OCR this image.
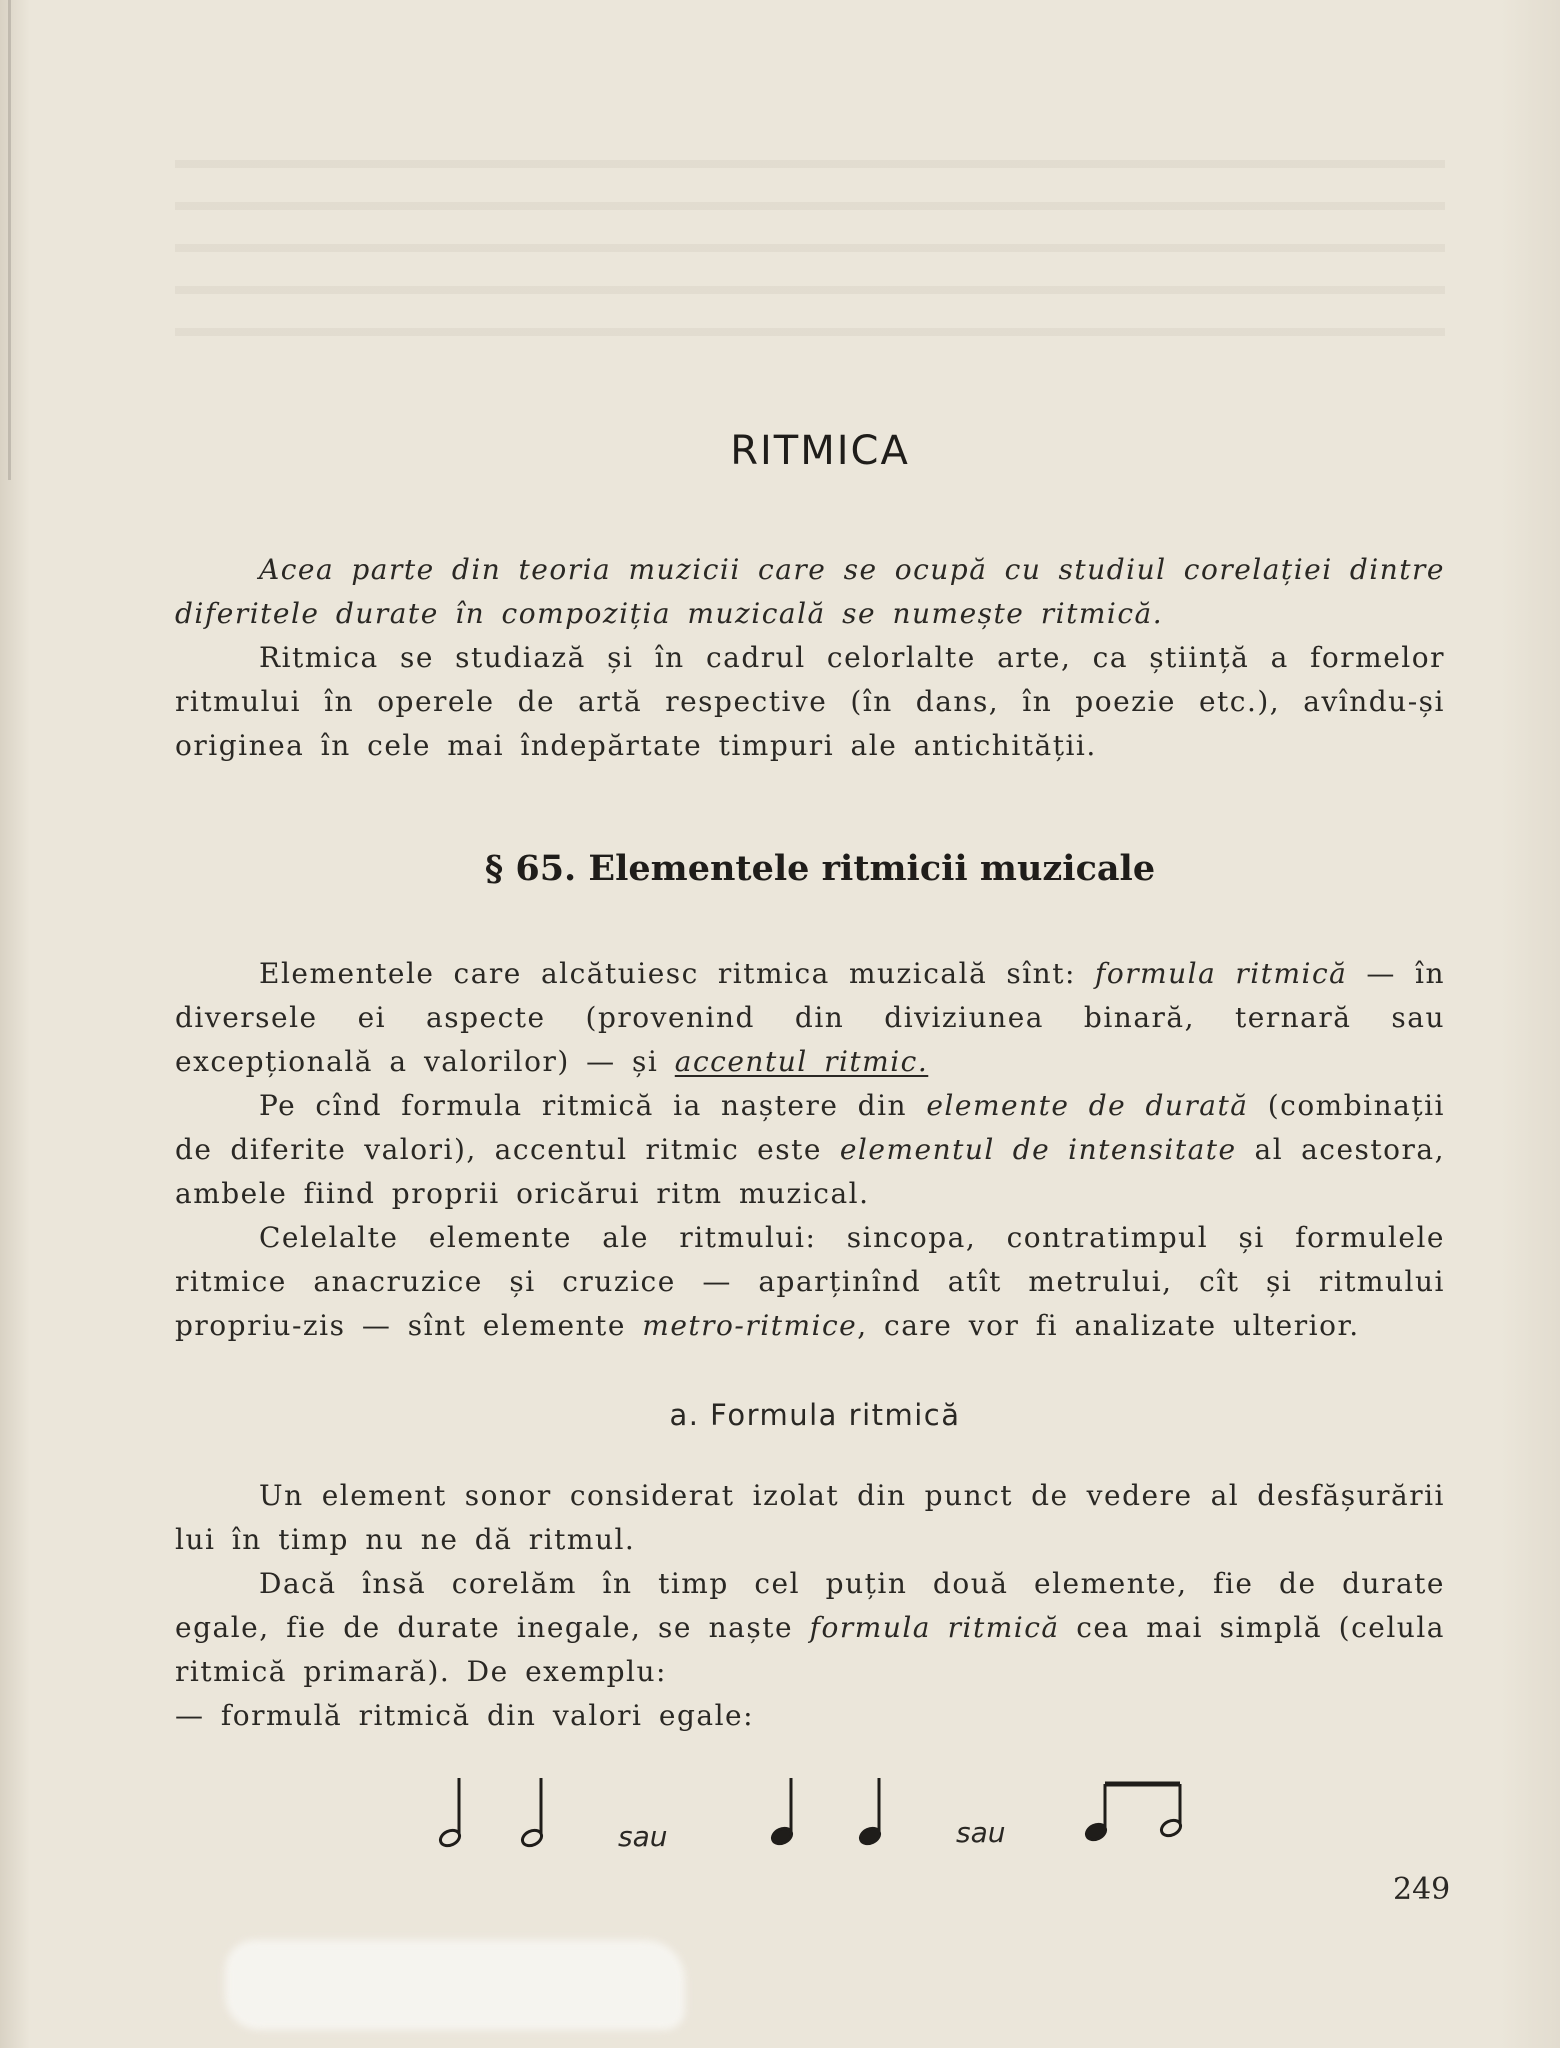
RITMICA

Acea parte din teoria muzicii care se ocupă cu studiul corelației dintre diferitele durate în compoziția muzicală se numește ritmică.

Ritmica se studiază și în cadrul celorlalte arte, ca știință a formelor ritmului în operele de artă respective (în dans, în poezie etc.), avîndu-și originea în cele mai îndepărtate timpuri ale antichității.

§ 65. Elementele ritmicii muzicale

Elementele care alcătuiesc ritmica muzicală sînt: formula ritmică — în diversele ei aspecte (provenind din diviziunea binară, ternară sau excepțională a valorilor) — și accentul ritmic.

Pe cînd formula ritmică ia naștere din elemente de durată (combinații de diferite valori), accentul ritmic este elementul de intensitate al acestora, ambele fiind proprii oricărui ritm muzical.

Celelalte elemente ale ritmului: sincopa, contratimpul și formulele ritmice anacruzice și cruzice — aparținînd atît metrului, cît și ritmului propriu-zis — sînt elemente metro-ritmice, care vor fi analizate ulterior.

a. Formula ritmică

Un element sonor considerat izolat din punct de vedere al desfășurării lui în timp nu ne dă ritmul.

Dacă însă corelăm în timp cel puțin două elemente, fie de durate egale, fie de durate inegale, se naște formula ritmică cea mai simplă (celula ritmică primară). De exemplu:

— formulă ritmică din valori egale:

sau	sau
249
